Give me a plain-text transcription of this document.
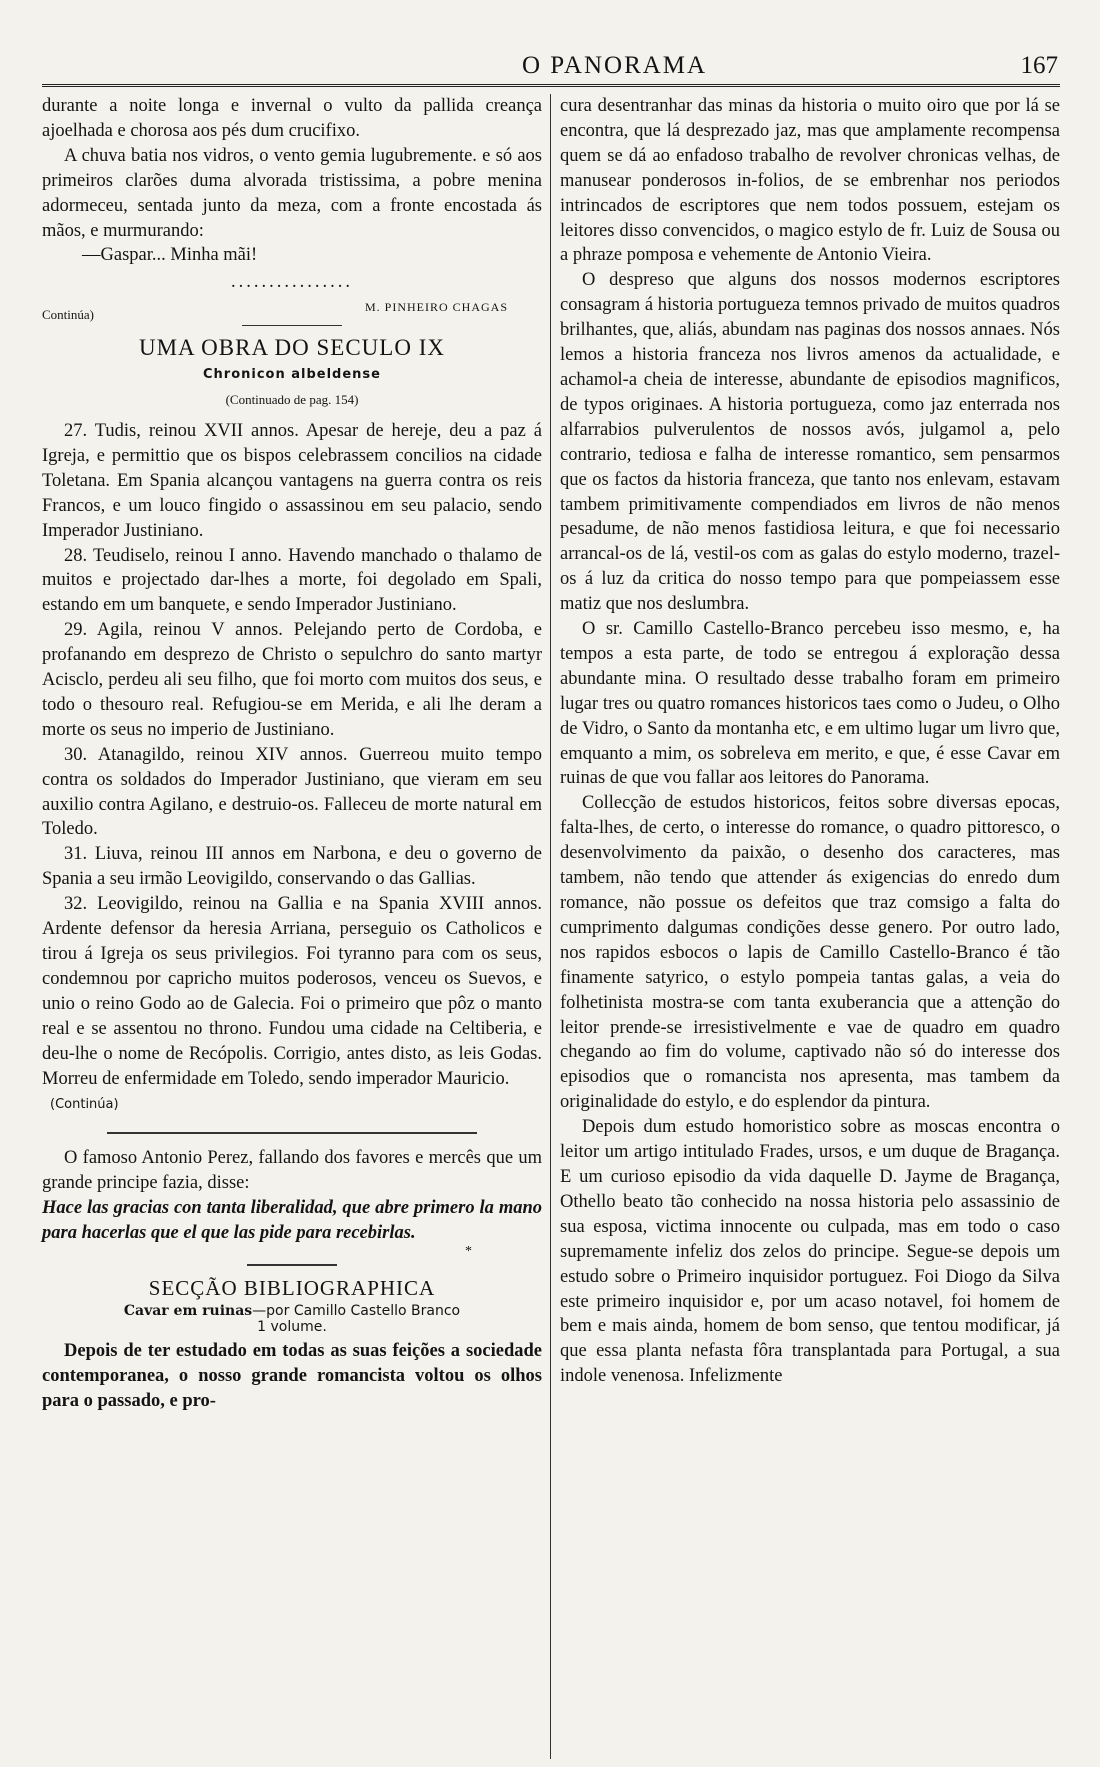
O PANORAMA	167

durante a noite longa e invernal o vulto da pallida creança ajoelhada e chorosa aos pés dum crucifixo.

A chuva batia nos vidros, o vento gemia lugubremente. e só aos primeiros clarões duma alvorada tristissima, a pobre menina adormeceu, sentada junto da meza, com a fronte encostada ás mãos, e murmurando:

—Gaspar... Minha mãi!

................

Continúa)	M. PINHEIRO CHAGAS
UMA OBRA DO SECULO IX
Chronicon albeldense
(Continuado de pag. 154)

27. Tudis, reinou XVII annos. Apesar de hereje, deu a paz á Igreja, e permittio que os bispos celebrassem concilios na cidade Toletana. Em Spania alcançou vantagens na guerra contra os reis Francos, e um louco fingido o assassinou em seu palacio, sendo Imperador Justiniano.

28. Teudiselo, reinou I anno. Havendo manchado o thalamo de muitos e projectado dar-lhes a morte, foi degolado em Spali, estando em um banquete, e sendo Imperador Justiniano.

29. Agila, reinou V annos. Pelejando perto de Cordoba, e profanando em desprezo de Christo o sepulchro do santo martyr Acisclo, perdeu ali seu filho, que foi morto com muitos dos seus, e todo o thesouro real. Refugiou-se em Merida, e ali lhe deram a morte os seus no imperio de Justiniano.

30. Atanagildo, reinou XIV annos. Guerreou muito tempo contra os soldados do Imperador Justiniano, que vieram em seu auxilio contra Agilano, e destruio-os. Falleceu de morte natural em Toledo.

31. Liuva, reinou III annos em Narbona, e deu o governo de Spania a seu irmão Leovigildo, conservando o das Gallias.

32. Leovigildo, reinou na Gallia e na Spania XVIII annos. Ardente defensor da heresia Arriana, perseguio os Catholicos e tirou á Igreja os seus privilegios. Foi tyranno para com os seus, condemnou por capricho muitos poderosos, venceu os Suevos, e unio o reino Godo ao de Galecia. Foi o primeiro que pôz o manto real e se assentou no throno. Fundou uma cidade na Celtiberia, e deu-lhe o nome de Recópolis. Corrigio, antes disto, as leis Godas. Morreu de enfermidade em Toledo, sendo imperador Mauricio.

(Continúa)

O famoso Antonio Perez, fallando dos favores e mercês que um grande principe fazia, disse:

Hace las gracias con tanta liberalidad, que abre primero la mano para hacerlas que el que las pide para recebirlas.

*
SECÇÃO BIBLIOGRAPHICA
Cavar em ruinas—por Camillo Castello Branco
1 volume.

Depois de ter estudado em todas as suas feições a sociedade contemporanea, o nosso grande romancista voltou os olhos para o passado, e pro-

cura desentranhar das minas da historia o muito oiro que por lá se encontra, que lá desprezado jaz, mas que amplamente recompensa quem se dá ao enfadoso trabalho de revolver chronicas velhas, de manusear ponderosos in-folios, de se embrenhar nos periodos intrincados de escriptores que nem todos possuem, estejam os leitores disso convencidos, o magico estylo de fr. Luiz de Sousa ou a phraze pomposa e vehemente de Antonio Vieira.

O despreso que alguns dos nossos modernos escriptores consagram á historia portugueza temnos privado de muitos quadros brilhantes, que, aliás, abundam nas paginas dos nossos annaes. Nós lemos a historia franceza nos livros amenos da actualidade, e achamol-a cheia de interesse, abundante de episodios magnificos, de typos originaes. A historia portugueza, como jaz enterrada nos alfarrabios pulverulentos de nossos avós, julgamol a, pelo contrario, tediosa e falha de interesse romantico, sem pensarmos que os factos da historia franceza, que tanto nos enlevam, estavam tambem primitivamente compendiados em livros de não menos pesadume, de não menos fastidiosa leitura, e que foi necessario arrancal-os de lá, vestil-os com as galas do estylo moderno, trazel-os á luz da critica do nosso tempo para que pompeiassem esse matiz que nos deslumbra.

O sr. Camillo Castello-Branco percebeu isso mesmo, e, ha tempos a esta parte, de todo se entregou á exploração dessa abundante mina. O resultado desse trabalho foram em primeiro lugar tres ou quatro romances historicos taes como o Judeu, o Olho de Vidro, o Santo da montanha etc, e em ultimo lugar um livro que, emquanto a mim, os sobreleva em merito, e que, é esse Cavar em ruinas de que vou fallar aos leitores do Panorama.

Collecção de estudos historicos, feitos sobre diversas epocas, falta-lhes, de certo, o interesse do romance, o quadro pittoresco, o desenvolvimento da paixão, o desenho dos caracteres, mas tambem, não tendo que attender ás exigencias do enredo dum romance, não possue os defeitos que traz comsigo a falta do cumprimento dalgumas condições desse genero. Por outro lado, nos rapidos esbocos o lapis de Camillo Castello-Branco é tão finamente satyrico, o estylo pompeia tantas galas, a veia do folhetinista mostra-se com tanta exuberancia que a attenção do leitor prende-se irresistivelmente e vae de quadro em quadro chegando ao fim do volume, captivado não só do interesse dos episodios que o romancista nos apresenta, mas tambem da originalidade do estylo, e do esplendor da pintura.

Depois dum estudo homoristico sobre as moscas encontra o leitor um artigo intitulado Frades, ursos, e um duque de Bragança. E um curioso episodio da vida daquelle D. Jayme de Bragança, Othello beato tão conhecido na nossa historia pelo assassinio de sua esposa, victima innocente ou culpada, mas em todo o caso supremamente infeliz dos zelos do principe. Segue-se depois um estudo sobre o Primeiro inquisidor portuguez. Foi Diogo da Silva este primeiro inquisidor e, por um acaso notavel, foi homem de bem e mais ainda, homem de bom senso, que tentou modificar, já que essa planta nefasta fôra transplantada para Portugal, a sua indole venenosa. Infelizmente
